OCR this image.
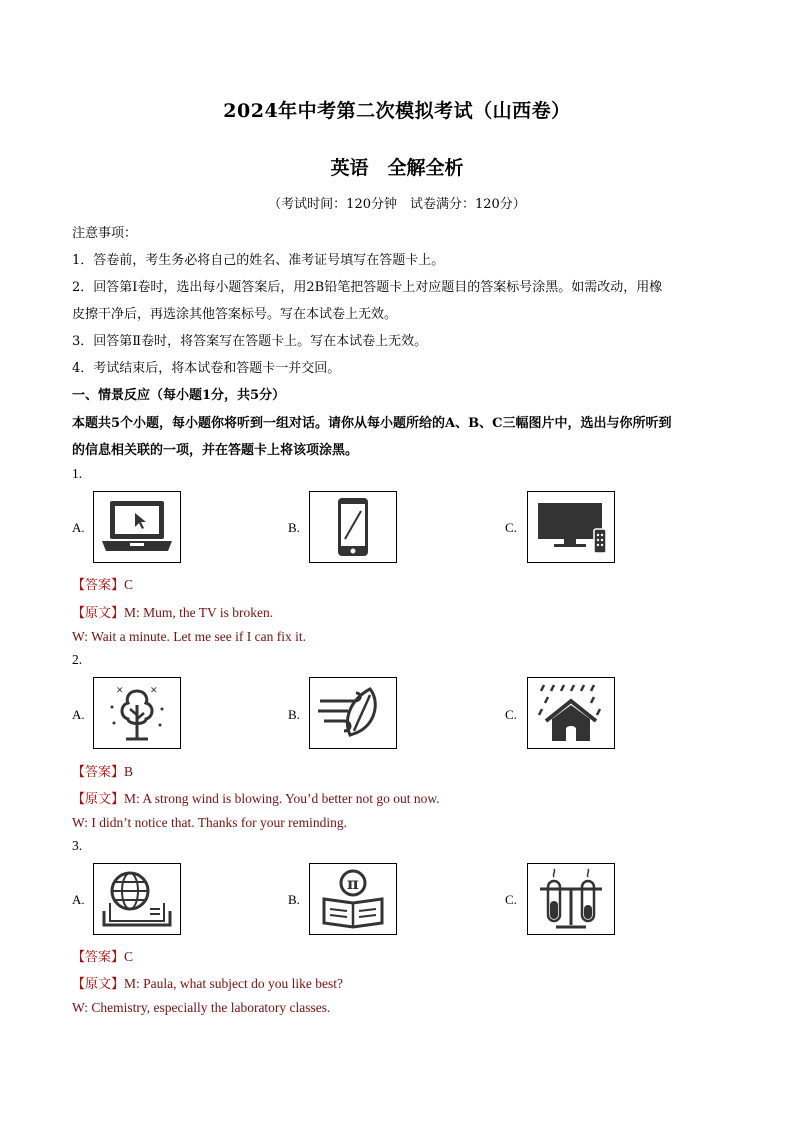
2024年中考第二次模拟考试（山西卷）
英语　全解全析
（考试时间：120分钟　试卷满分：120分）
注意事项：
1．答卷前，考生务必将自己的姓名、准考证号填写在答题卡上。
2．回答第Ⅰ卷时，选出每小题答案后，用2B铅笔把答题卡上对应题目的答案标号涂黑。如需改动，用橡
皮擦干净后，再选涂其他答案标号。写在本试卷上无效。
3．回答第Ⅱ卷时，将答案写在答题卡上。写在本试卷上无效。
4．考试结束后，将本试卷和答题卡一并交回。
一、情景反应（每小题1分，共5分）
本题共5个小题，每小题你将听到一组对话。请你从每小题所给的A、B、C三幅图片中，选出与你所听到
的信息相关联的一项，并在答题卡上将该项涂黑。
1.
A.	B.	C.
【答案】C
【原文】M: Mum, the TV is broken.
W: Wait a minute. Let me see if I can fix it.
2.
A.
✕	✕
B.	C.
【答案】B
【原文】M: A strong wind is blowing. You’d better not go out now.
W: I didn’t notice that. Thanks for your reminding.
3.
A.	B.
π
C.
【答案】C
【原文】M: Paula, what subject do you like best?
W: Chemistry, especially the laboratory classes.
